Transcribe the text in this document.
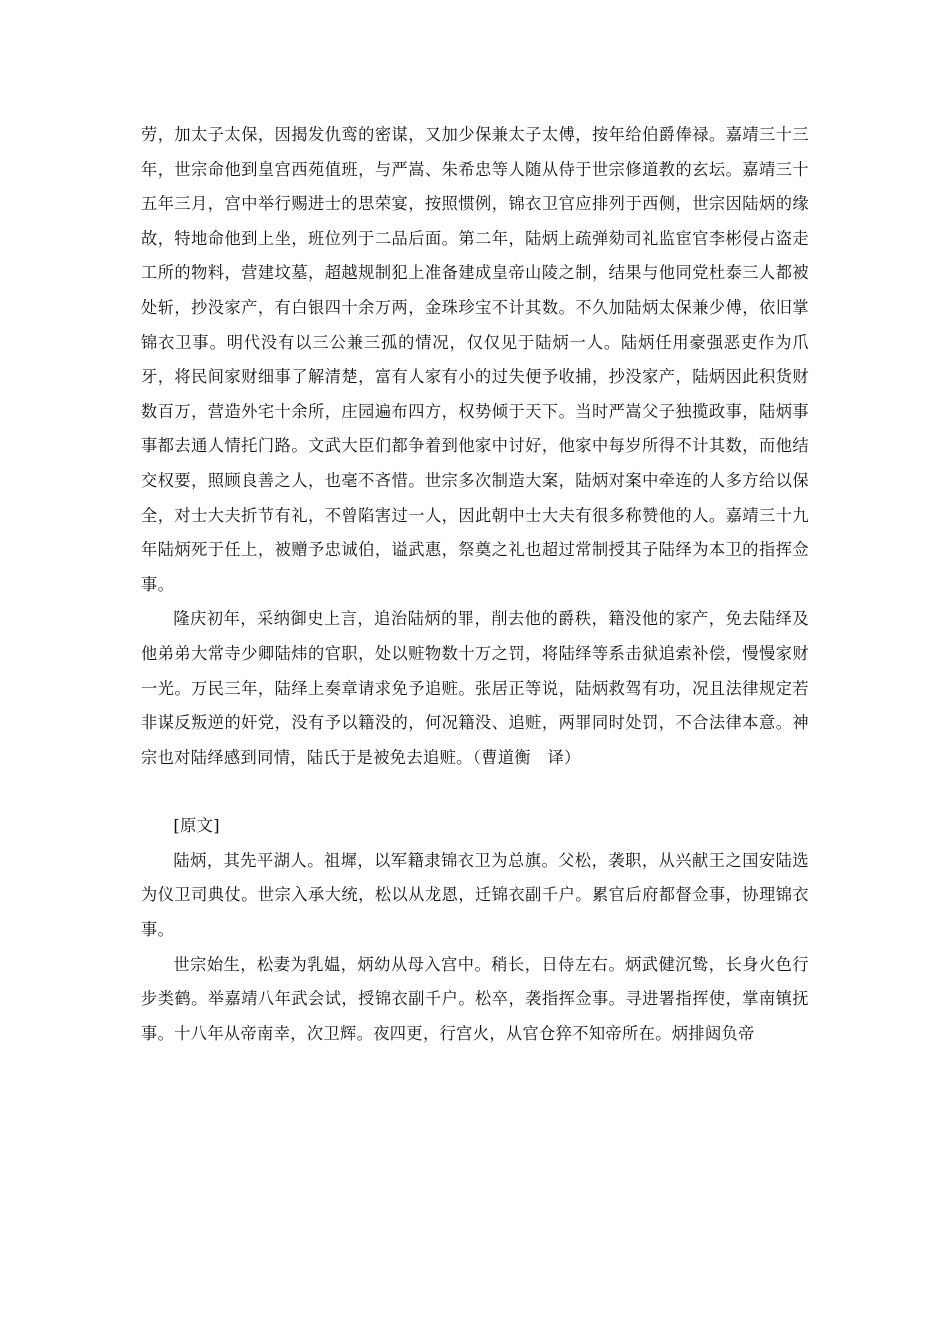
劳，加太子太保，因揭发仇鸾的密谋，又加少保兼太子太傅，按年给伯爵俸禄。嘉靖三十三年，世宗命他到皇宫西苑值班，与严嵩、朱希忠等人随从侍于世宗修道教的玄坛。嘉靖三十五年三月，宫中举行赐进士的思荣宴，按照惯例，锦衣卫官应排列于西侧，世宗因陆炳的缘故，特地命他到上坐，班位列于二品后面。第二年，陆炳上疏弹劾司礼监宦官李彬侵占盗走工所的物料，营建坟墓，超越规制犯上准备建成皇帝山陵之制，结果与他同党杜泰三人都被处斩，抄没家产，有白银四十余万两，金珠珍宝不计其数。不久加陆炳太保兼少傅，依旧掌锦衣卫事。明代没有以三公兼三孤的情况，仅仅见于陆炳一人。陆炳任用豪强恶吏作为爪牙，将民间家财细事了解清楚，富有人家有小的过失便予收捕，抄没家产，陆炳因此积货财数百万，营造外宅十余所，庄园遍布四方，权势倾于天下。当时严嵩父子独揽政事，陆炳事事都去通人情托门路。文武大臣们都争着到他家中讨好，他家中每岁所得不计其数，而他结交权要，照顾良善之人，也毫不吝惜。世宗多次制造大案，陆炳对案中牵连的人多方给以保全，对士大夫折节有礼，不曾陷害过一人，因此朝中士大夫有很多称赞他的人。嘉靖三十九年陆炳死于任上，被赠予忠诚伯，谥武惠，祭奠之礼也超过常制授其子陆绎为本卫的指挥佥事。

隆庆初年，采纳御史上言，追治陆炳的罪，削去他的爵秩，籍没他的家产，免去陆绎及他弟弟大常寺少卿陆炜的官职，处以赃物数十万之罚，将陆绎等系击狱追索补偿，慢慢家财一光。万民三年，陆绎上奏章请求免予追赃。张居正等说，陆炳救驾有功，况且法律规定若非谋反叛逆的奸党，没有予以籍没的，何况籍没、追赃，两罪同时处罚，不合法律本意。神宗也对陆绎感到同情，陆氏于是被免去追赃。（曹道衡　译）

[原文]

陆炳，其先平湖人。祖墀，以军籍隶锦衣卫为总旗。父松，袭职，从兴献王之国安陆选为仪卫司典仗。世宗入承大统，松以从龙恩，迁锦衣副千户。累官后府都督佥事，协理锦衣事。

世宗始生，松妻为乳媪，炳幼从母入宫中。稍长，日侍左右。炳武健沉鸷，长身火色行步类鹤。举嘉靖八年武会试，授锦衣副千户。松卒，袭指挥佥事。寻进署指挥使，掌南镇抚事。十八年从帝南幸，次卫辉。夜四更，行宫火，从官仓猝不知帝所在。炳排闼负帝
